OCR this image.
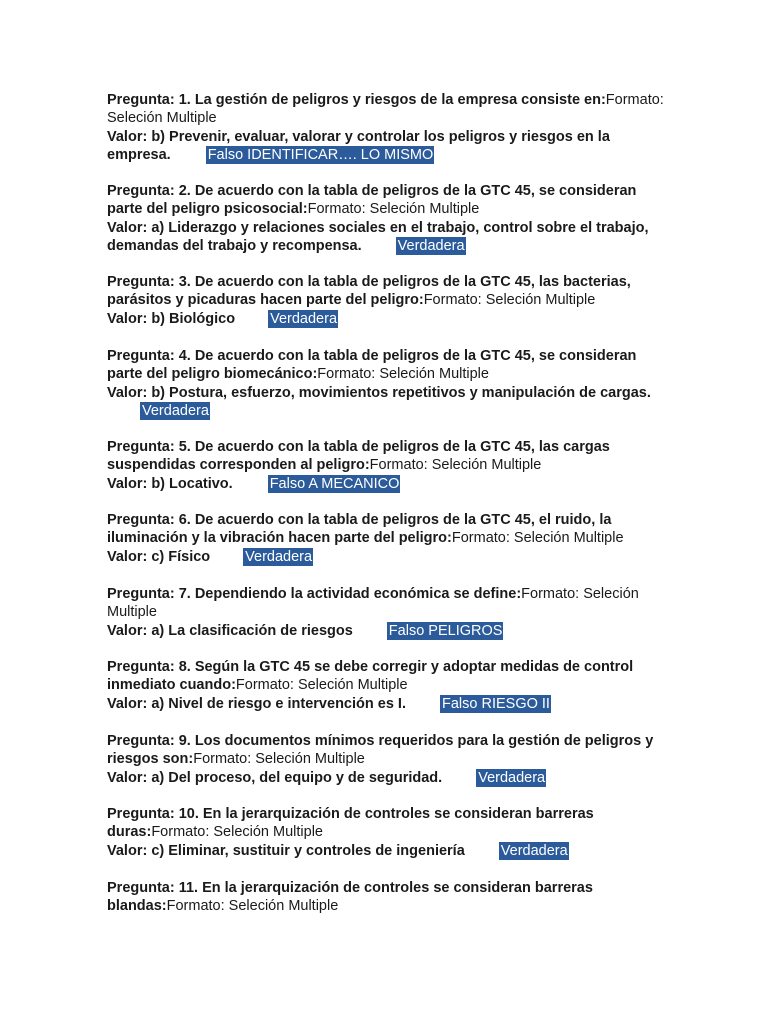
Pregunta: 1. La gestión de peligros y riesgos de la empresa consiste en:Formato: Seleción Multiple
Valor: b) Prevenir, evaluar, valorar y controlar los peligros y riesgos en la empresa.	Falso IDENTIFICAR…. LO MISMO
Pregunta: 2. De acuerdo con la tabla de peligros de la GTC 45, se consideran parte del peligro psicosocial:Formato: Seleción Multiple
Valor: a) Liderazgo y relaciones sociales en el trabajo, control sobre el trabajo, demandas del trabajo y recompensa. Verdadera
Pregunta: 3. De acuerdo con la tabla de peligros de la GTC 45, las bacterias, parásitos y picaduras hacen parte del peligro:Formato: Seleción Multiple
Valor: b) Biológico Verdadera
Pregunta: 4. De acuerdo con la tabla de peligros de la GTC 45, se consideran parte del peligro biomecánico:Formato: Seleción Multiple
Valor: b) Postura, esfuerzo, movimientos repetitivos y manipulación de cargas.Verdadera
Pregunta: 5. De acuerdo con la tabla de peligros de la GTC 45, las cargas suspendidas corresponden al peligro:Formato: Seleción Multiple
Valor: b) Locativo.	Falso A MECANICO
Pregunta: 6. De acuerdo con la tabla de peligros de la GTC 45, el ruido, la iluminación y la vibración hacen parte del peligro:Formato: Seleción Multiple
Valor: c) Físico Verdadera
Pregunta: 7. Dependiendo la actividad económica se define:Formato: Seleción Multiple
Valor: a) La clasificación de riesgos Falso PELIGROS
Pregunta: 8. Según la GTC 45 se debe corregir y adoptar medidas de control inmediato cuando:Formato: Seleción Multiple
Valor: a) Nivel de riesgo e intervención es I. Falso RIESGO II
Pregunta: 9. Los documentos mínimos requeridos para la gestión de peligros y riesgos son:Formato: Seleción Multiple
Valor: a) Del proceso, del equipo y de seguridad. Verdadera
Pregunta: 10. En la jerarquización de controles se consideran barreras duras:Formato: Seleción Multiple
Valor: c) Eliminar, sustituir y controles de ingeniería Verdadera
Pregunta: 11. En la jerarquización de controles se consideran barreras blandas:Formato: Seleción Multiple
